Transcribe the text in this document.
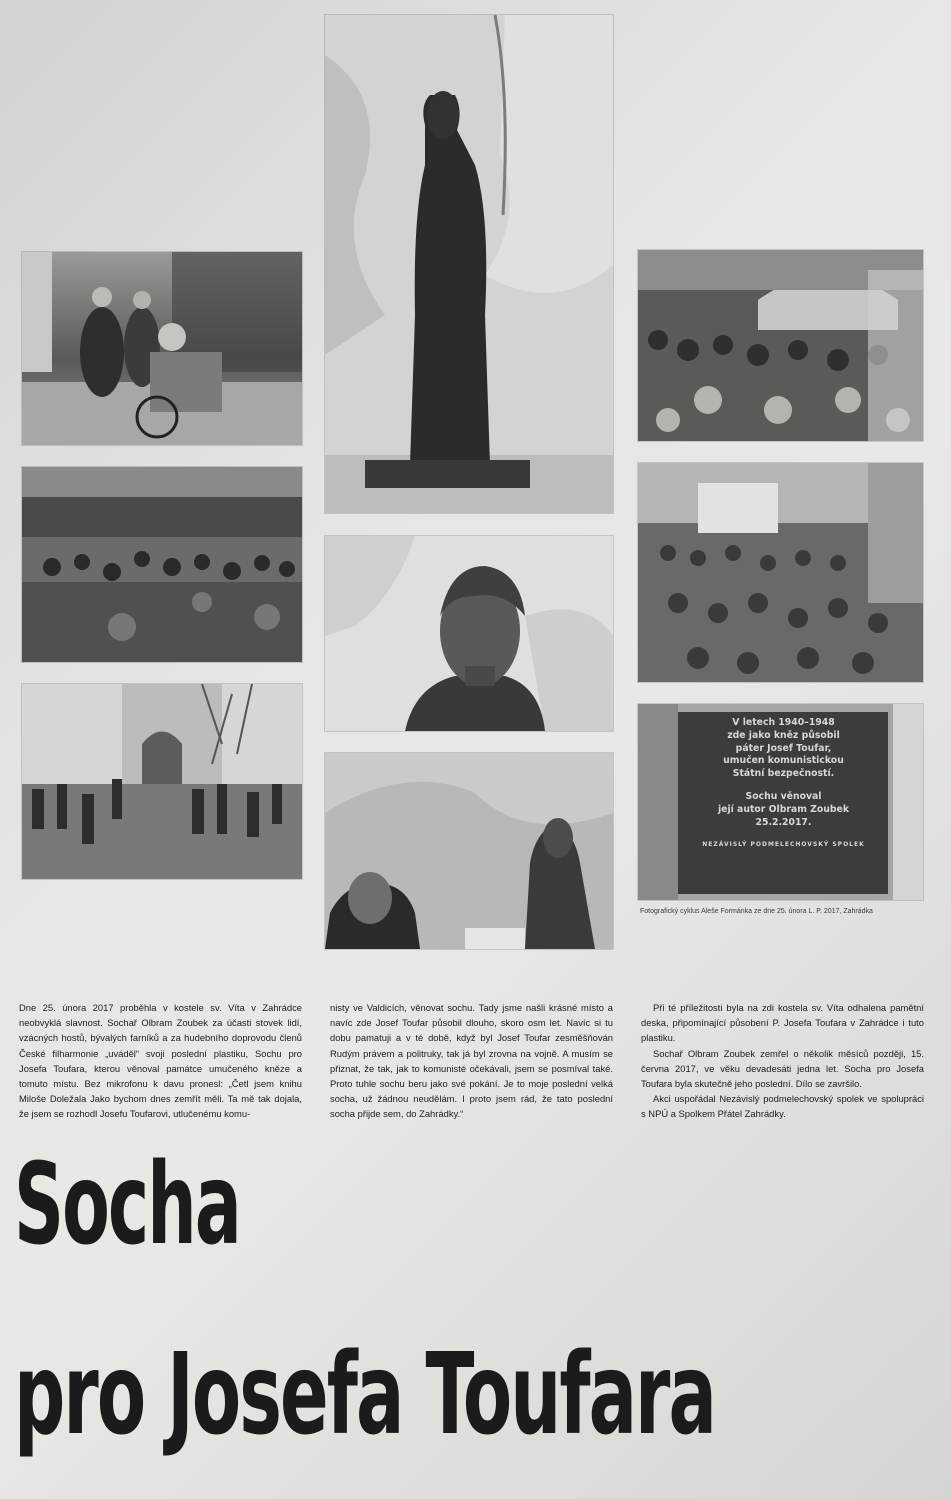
V letech 1940–1948
zde jako kněz působil
páter Josef Toufar,
umučen komunistickou
Státní bezpečností.
Sochu věnoval
její autor Olbram Zoubek
25.2.2017.
NEZÁVISLÝ PODMELECHOVSKÝ SPOLEK
Fotografický cyklus Aleše Formánka ze dne 25. února L. P. 2017, Zahrádka

Dne 25. února 2017 proběhla v kostele sv. Víta v Zahrádce neobvyklá slavnost. Sochař Olbram Zoubek za účasti stovek lidí, vzácných hostů, bývalých farníků a za hudebního doprovodu členů České filharmonie „uváděl“ svoji poslední plastiku, Sochu pro Josefa Toufara, kterou věnoval památce umučeného kněze a tomuto místu. Bez mikrofonu k davu pronesl: „Četl jsem knihu Miloše Doležala Jako bychom dnes zemřít měli. Ta mě tak dojala, že jsem se rozhodl Josefu Toufarovi, utlučenému komu-

nisty ve Valdicích, věnovat sochu. Tady jsme našli krásné místo a navíc zde Josef Toufar působil dlouho, skoro osm let. Navíc si tu dobu pamatuji a v té době, když byl Josef Toufar zesměšňován Rudým právem a politruky, tak já byl zrovna na vojně. A musím se přiznat, že tak, jak to komunisté očekávali, jsem se posmíval také. Proto tuhle sochu beru jako své pokání. Je to moje poslední velká socha, už žádnou neudělám. I proto jsem rád, že tato poslední socha přijde sem, do Zahrádky.“

Při té příležitosti byla na zdi kostela sv. Víta odhalena pamětní deska, připomínající působení P. Josefa Toufara v Zahrádce i tuto plastiku.

Sochař Olbram Zoubek zemřel o několik měsíců později, 15. června 2017, ve věku devadesáti jedna let. Socha pro Josefa Toufara byla skutečně jeho poslední. Dílo se završilo.

Akci uspořádal Nezávislý podmelechovský spolek ve spolupráci s NPÚ a Spolkem Přátel Zahrádky.

Socha
pro Josefa Toufara
